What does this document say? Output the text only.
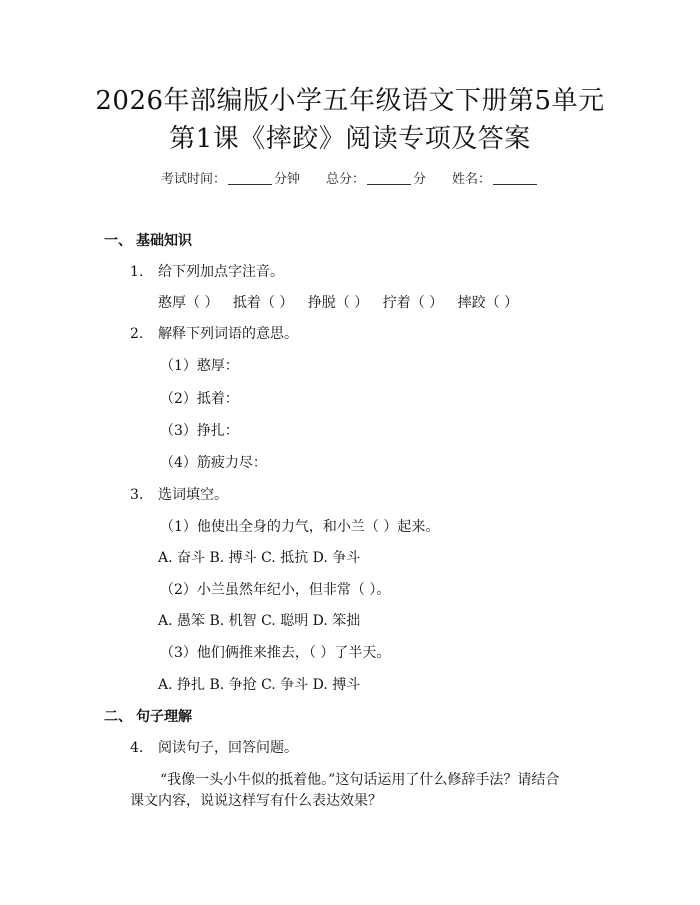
2026年部编版小学五年级语文下册第5单元
第1课《摔跤》阅读专项及答案
考试时间：	分钟 总分：	分 姓名：
一、 基础知识
1. 给下列加点字注音。
憨厚（ ） 抵着（ ） 挣脱（ ） 拧着（ ） 摔跤（ ）
2. 解释下列词语的意思。
（1）憨厚：
（2）抵着：
（3）挣扎：
（4）筋疲力尽：
3. 选词填空。
（1）他使出全身的力气，和小兰（ ）起来。
A. 奋斗 B. 搏斗 C. 抵抗 D. 争斗
（2）小兰虽然年纪小，但非常（ ）。
A. 愚笨 B. 机智 C. 聪明 D. 笨拙
（3）他们俩推来推去，（ ）了半天。
A. 挣扎 B. 争抢 C. 争斗 D. 搏斗
二、 句子理解
4. 阅读句子，回答问题。
“我像一头小牛似的抵着他。”这句话运用了什么修辞手法？请结合课文内容，说说这样写有什么表达效果？
